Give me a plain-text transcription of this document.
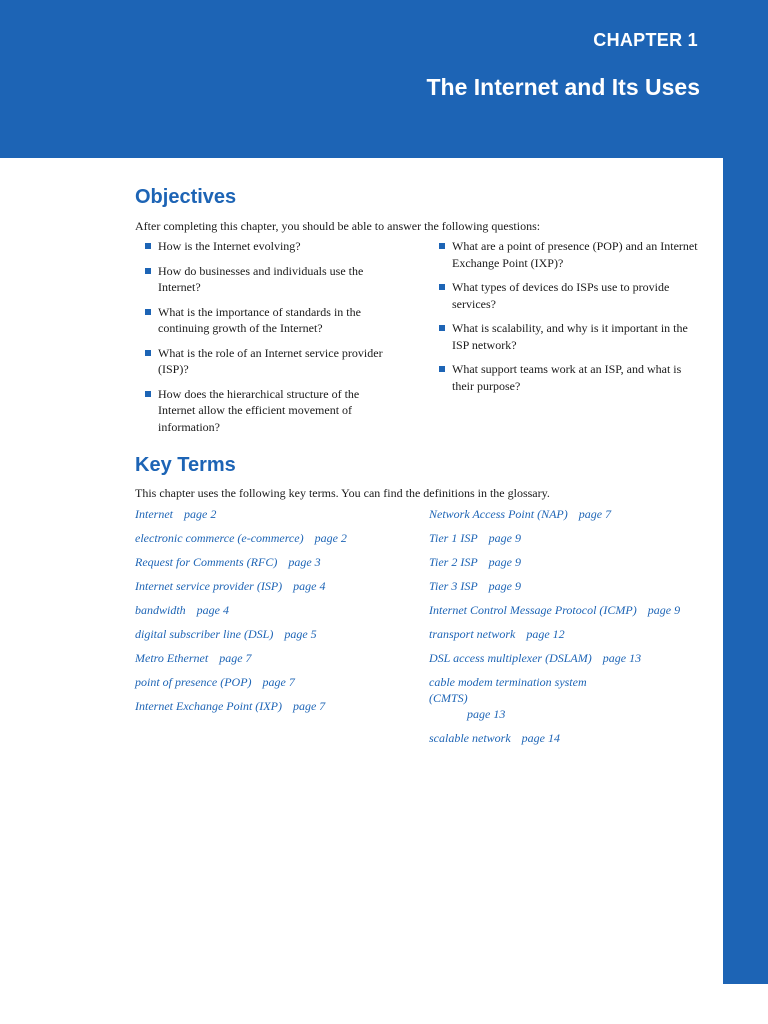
CHAPTER 1
The Internet and Its Uses
Objectives
After completing this chapter, you should be able to answer the following questions:
How is the Internet evolving?
How do businesses and individuals use the Internet?
What is the importance of standards in the continuing growth of the Internet?
What is the role of an Internet service provider (ISP)?
How does the hierarchical structure of the Internet allow the efficient movement of information?
What are a point of presence (POP) and an Internet Exchange Point (IXP)?
What types of devices do ISPs use to provide services?
What is scalability, and why is it important in the ISP network?
What support teams work at an ISP, and what is their purpose?
Key Terms
This chapter uses the following key terms. You can find the definitions in the glossary.
Internet page 2
electronic commerce (e-commerce) page 2
Request for Comments (RFC) page 3
Internet service provider (ISP) page 4
bandwidth page 4
digital subscriber line (DSL) page 5
Metro Ethernet page 7
point of presence (POP) page 7
Internet Exchange Point (IXP) page 7
Network Access Point (NAP) page 7
Tier 1 ISP page 9
Tier 2 ISP page 9
Tier 3 ISP page 9
Internet Control Message Protocol (ICMP) page 9
transport network page 12
DSL access multiplexer (DSLAM) page 13
cable modem termination system (CMTS)
page 13
scalable network page 14
